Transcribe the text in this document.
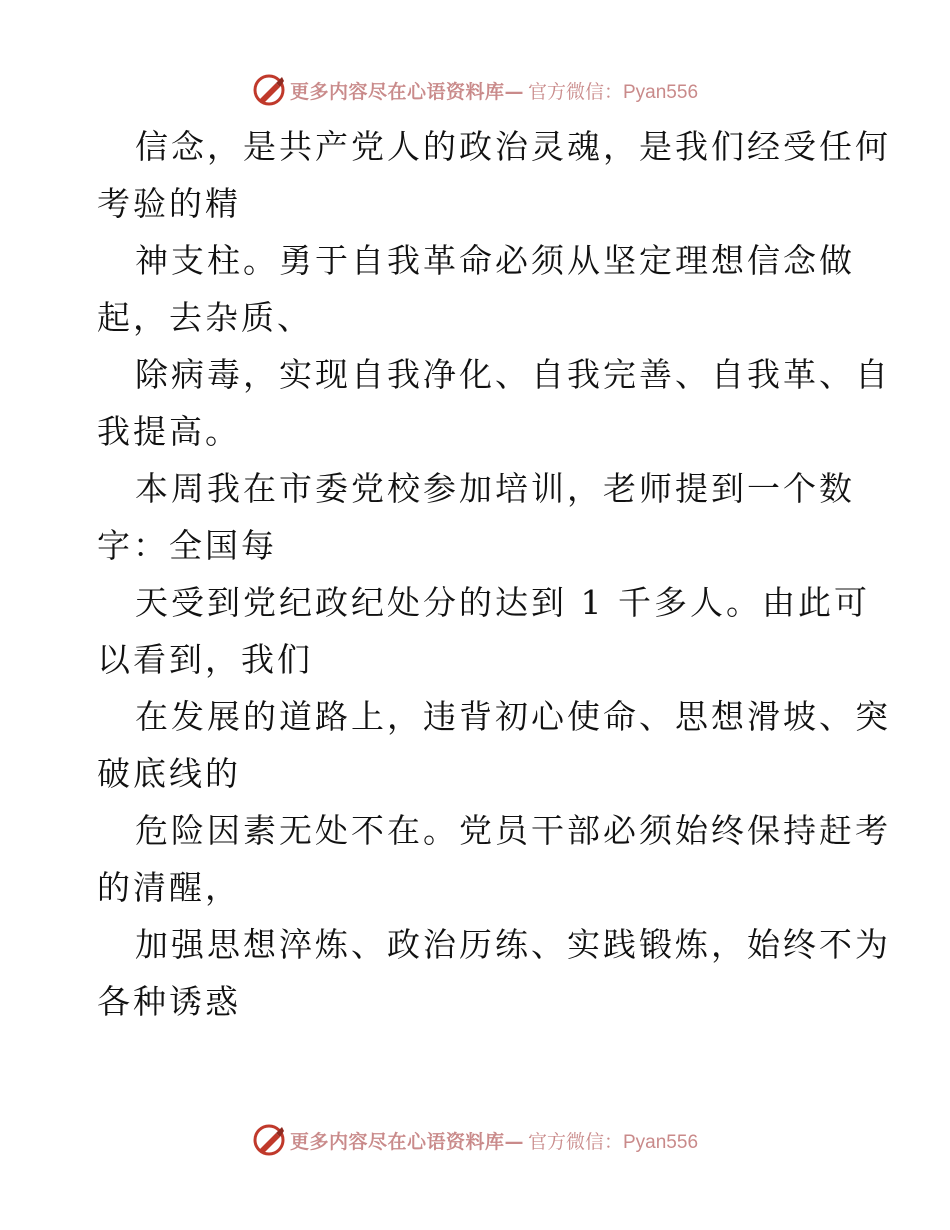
更多内容尽在心语资料库— 官方微信：Pyan556

信念，是共产党人的政治灵魂，是我们经受任何
考验的精

神支柱。勇于自我革命必须从坚定理想信念做
起，去杂质、

除病毒，实现自我净化、自我完善、自我革、自
我提高。

本周我在市委党校参加培训，老师提到一个数
字：全国每

天受到党纪政纪处分的达到 1 千多人。由此可
以看到，我们

在发展的道路上，违背初心使命、思想滑坡、突
破底线的

危险因素无处不在。党员干部必须始终保持赶考
的清醒，

加强思想淬炼、政治历练、实践锻炼，始终不为
各种诱惑

更多内容尽在心语资料库— 官方微信：Pyan556
